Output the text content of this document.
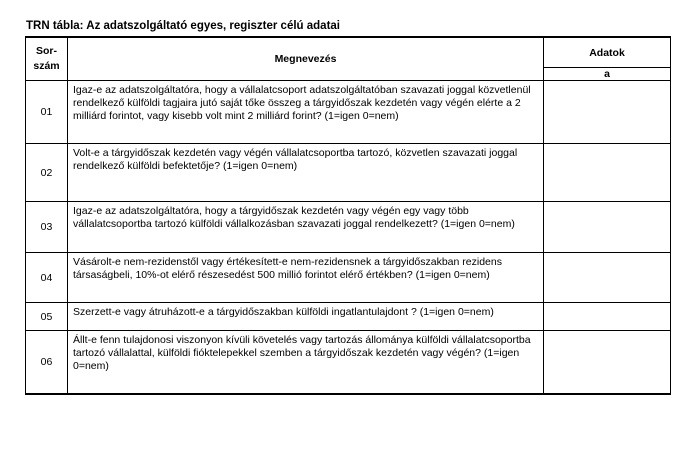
TRN tábla: Az adatszolgáltató egyes, regiszter célú adatai
Sor-
szám	Megnevezés	Adatok
		a
01	Igaz-e az adatszolgáltatóra, hogy a vállalatcsoport adatszolgáltatóban szavazati joggal közvetlenül rendelkező külföldi tagjaira jutó saját tőke összeg a tárgyidőszak kezdetén vagy végén elérte a 2 milliárd forintot, vagy kisebb volt mint 2 milliárd forint? (1=igen 0=nem)	
02	Volt-e a tárgyidőszak kezdetén vagy végén vállalatcsoportba tartozó, közvetlen szavazati joggal rendelkező külföldi befektetője? (1=igen 0=nem)	
03	Igaz-e az adatszolgáltatóra, hogy a tárgyidőszak kezdetén vagy végén egy vagy több vállalatcsoportba tartozó külföldi vállalkozásban szavazati joggal rendelkezett? (1=igen 0=nem)	
04	Vásárolt-e nem-rezidenstől vagy értékesített-e nem-rezidensnek a tárgyidőszakban rezidens társaságbeli, 10%-ot elérő részesedést 500 millió forintot elérő értékben? (1=igen 0=nem)	
05	Szerzett-e vagy átruházott-e a tárgyidőszakban külföldi ingatlantulajdont ? (1=igen 0=nem)	
06	Állt-e fenn tulajdonosi viszonyon kívüli követelés vagy tartozás állománya külföldi vállalatcsoportba tartozó vállalattal, külföldi fióktelepekkel szemben a tárgyidőszak kezdetén vagy végén? (1=igen 0=nem)	
